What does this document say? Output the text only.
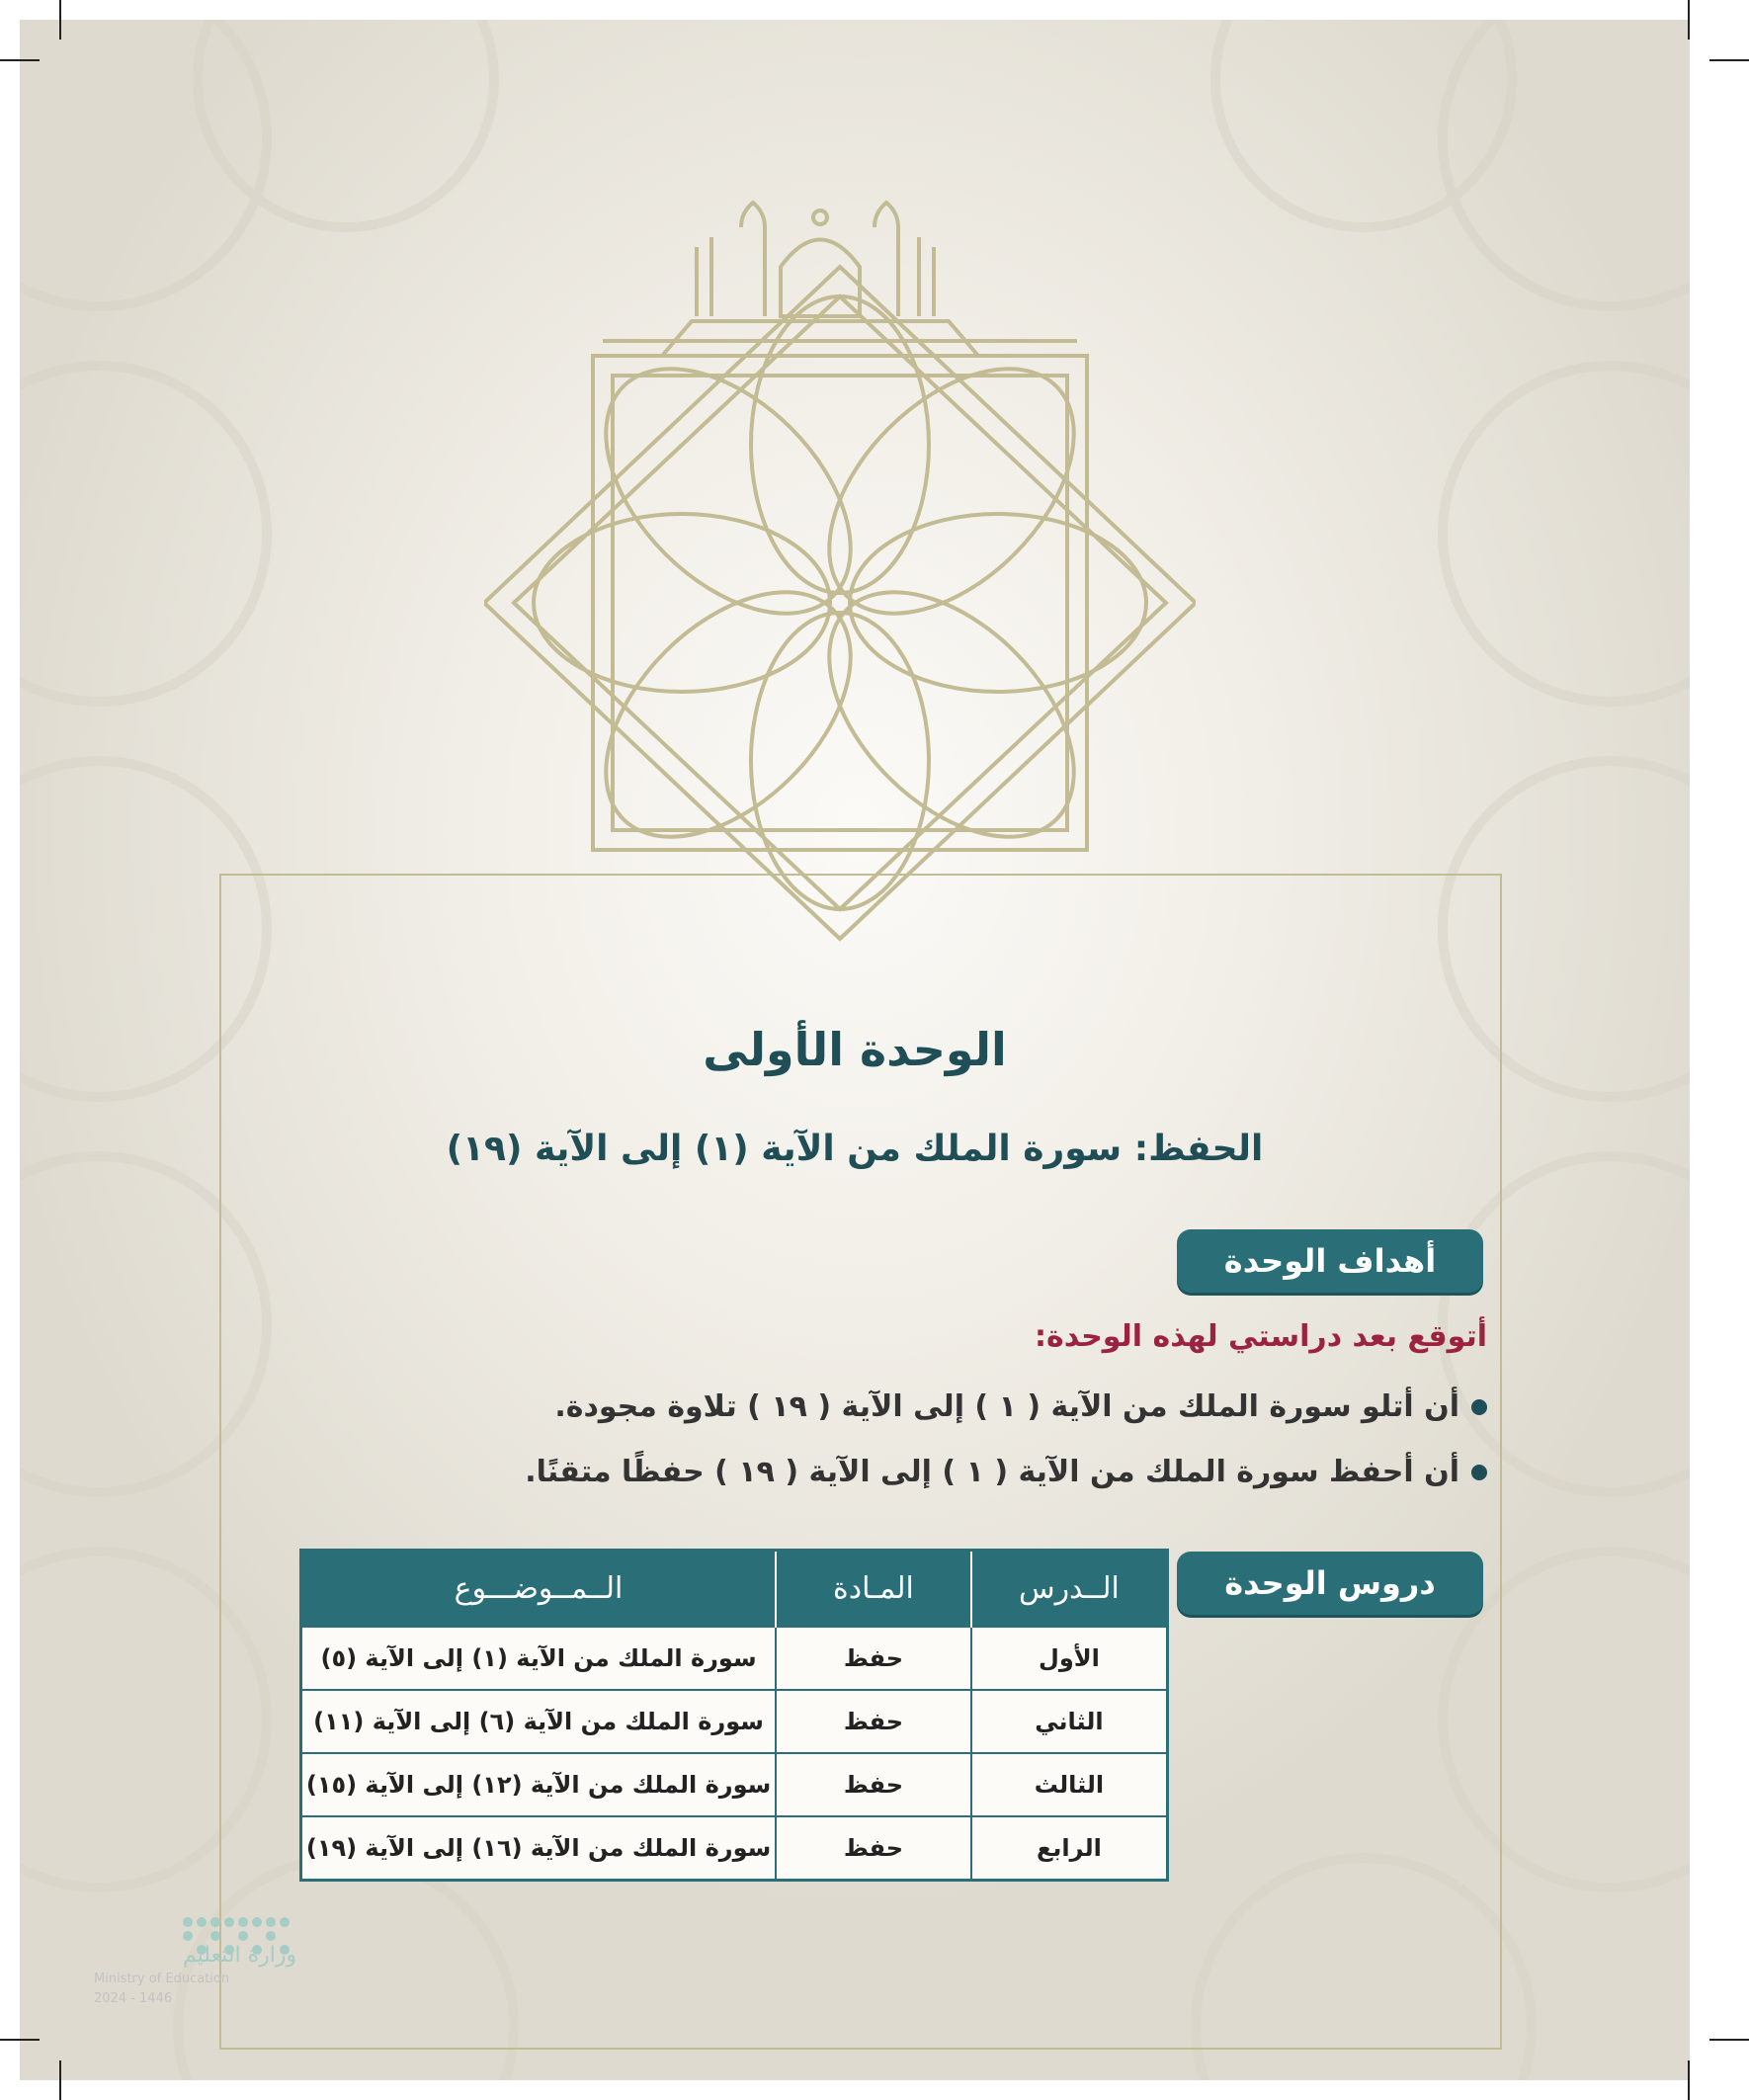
الوحدة الأولى
الحفظ: سورة الملك من الآية (١) إلى الآية (١٩)
أهداف الوحدة
أتوقع بعد دراستي لهذه الوحدة:
أن أتلو سورة الملك من الآية ( ١ ) إلى الآية ( ١٩ ) تلاوة مجودة.
أن أحفظ سورة الملك من الآية ( ١ ) إلى الآية ( ١٩ ) حفظًا متقنًا.
دروس الوحدة
الــدرس	المـادة	الــمــوضـــوع
الأول	حفظ	سورة الملك من الآية (١) إلى الآية (٥)
الثاني	حفظ	سورة الملك من الآية (٦) إلى الآية (١١)
الثالث	حفظ	سورة الملك من الآية (١٢) إلى الآية (١٥)
الرابع	حفظ	سورة الملك من الآية (١٦) إلى الآية (١٩)
وزارة التعليم
Ministry of Education
2024 - 1446
